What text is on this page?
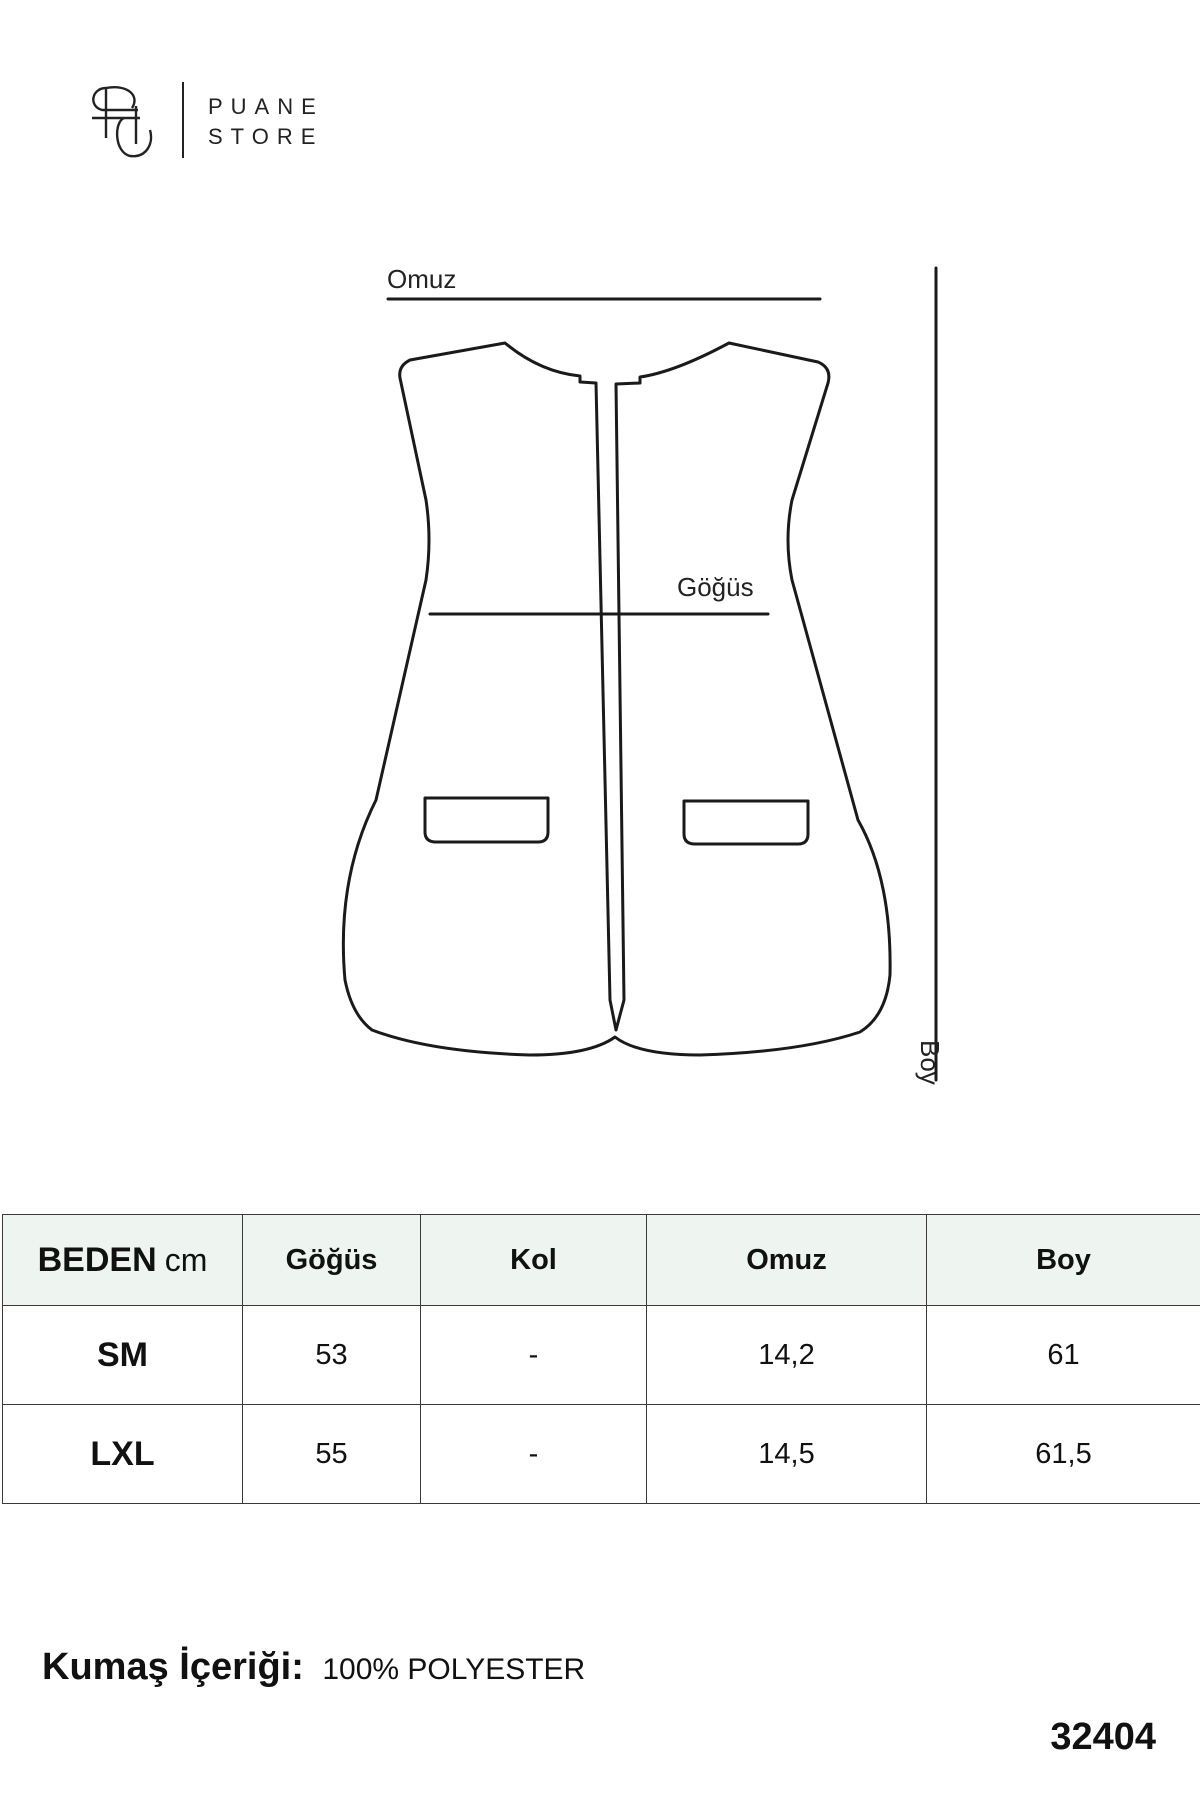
PUANE
STORE
Omuz
Göğüs
Boy
BEDEN cm	Göğüs	Kol	Omuz	Boy
SM	53	-	14,2	61
LXL	55	-	14,5	61,5
Kumaş İçeriği: 100% POLYESTER
32404
